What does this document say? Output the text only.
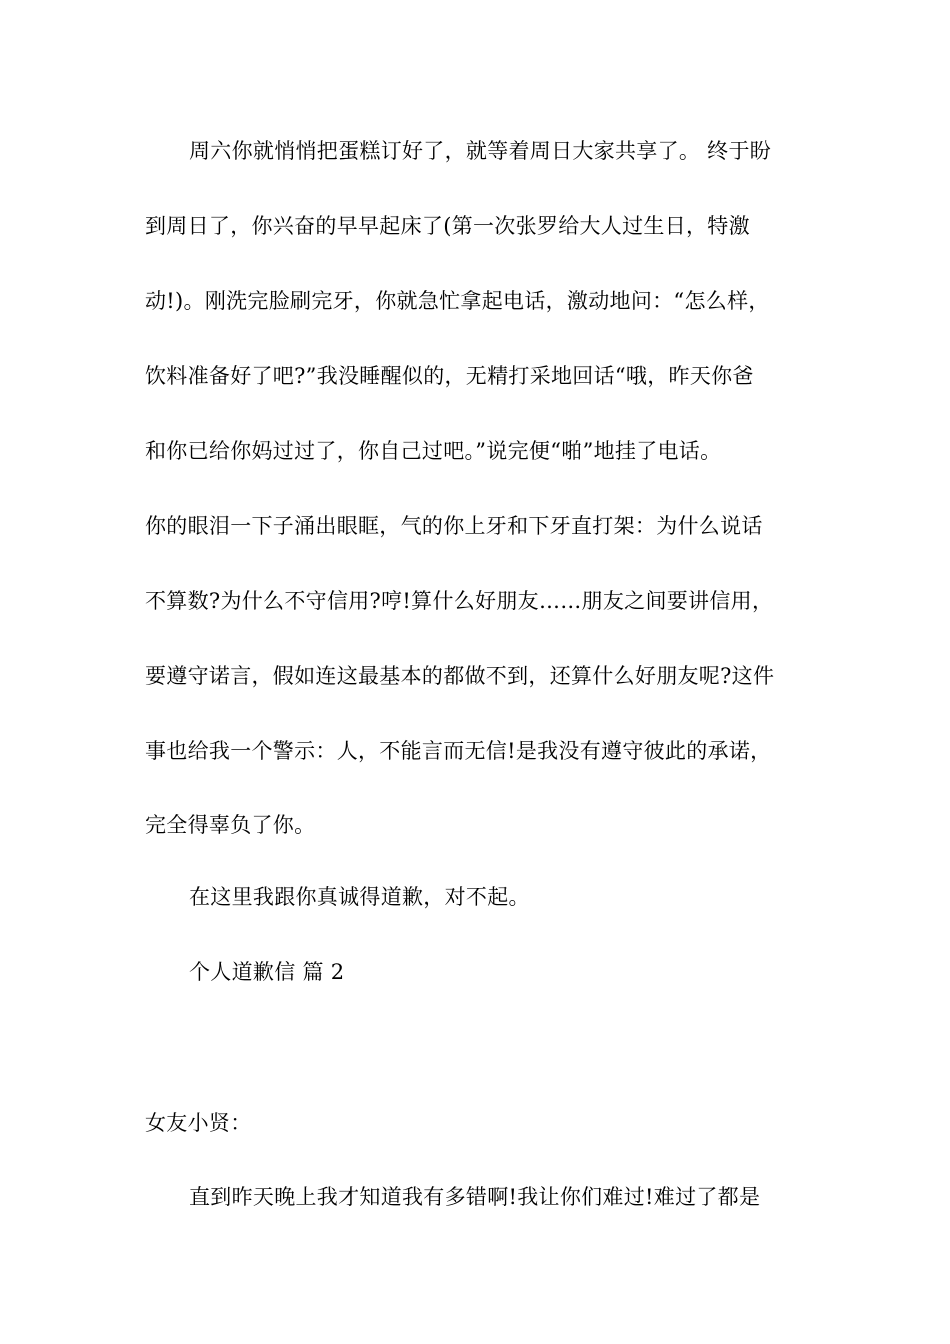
周六你就悄悄把蛋糕订好了，就等着周日大家共享了。 终于盼
到周日了，你兴奋的早早起床了(第一次张罗给大人过生日，特激
动!)。刚洗完脸刷完牙，你就急忙拿起电话，激动地问：“怎么样，
饮料准备好了吧?”我没睡醒似的，无精打采地回话“哦，昨天你爸
和你已给你妈过过了，你自己过吧。”说完便“啪”地挂了电话。
你的眼泪一下子涌出眼眶，气的你上牙和下牙直打架：为什么说话
不算数?为什么不守信用?哼!算什么好朋友……朋友之间要讲信用，
要遵守诺言，假如连这最基本的都做不到，还算什么好朋友呢?这件
事也给我一个警示：人，不能言而无信!是我没有遵守彼此的承诺，
完全得辜负了你。
在这里我跟你真诚得道歉，对不起。
个人道歉信 篇 2
女友小贤：
直到昨天晚上我才知道我有多错啊!我让你们难过!难过了都是
